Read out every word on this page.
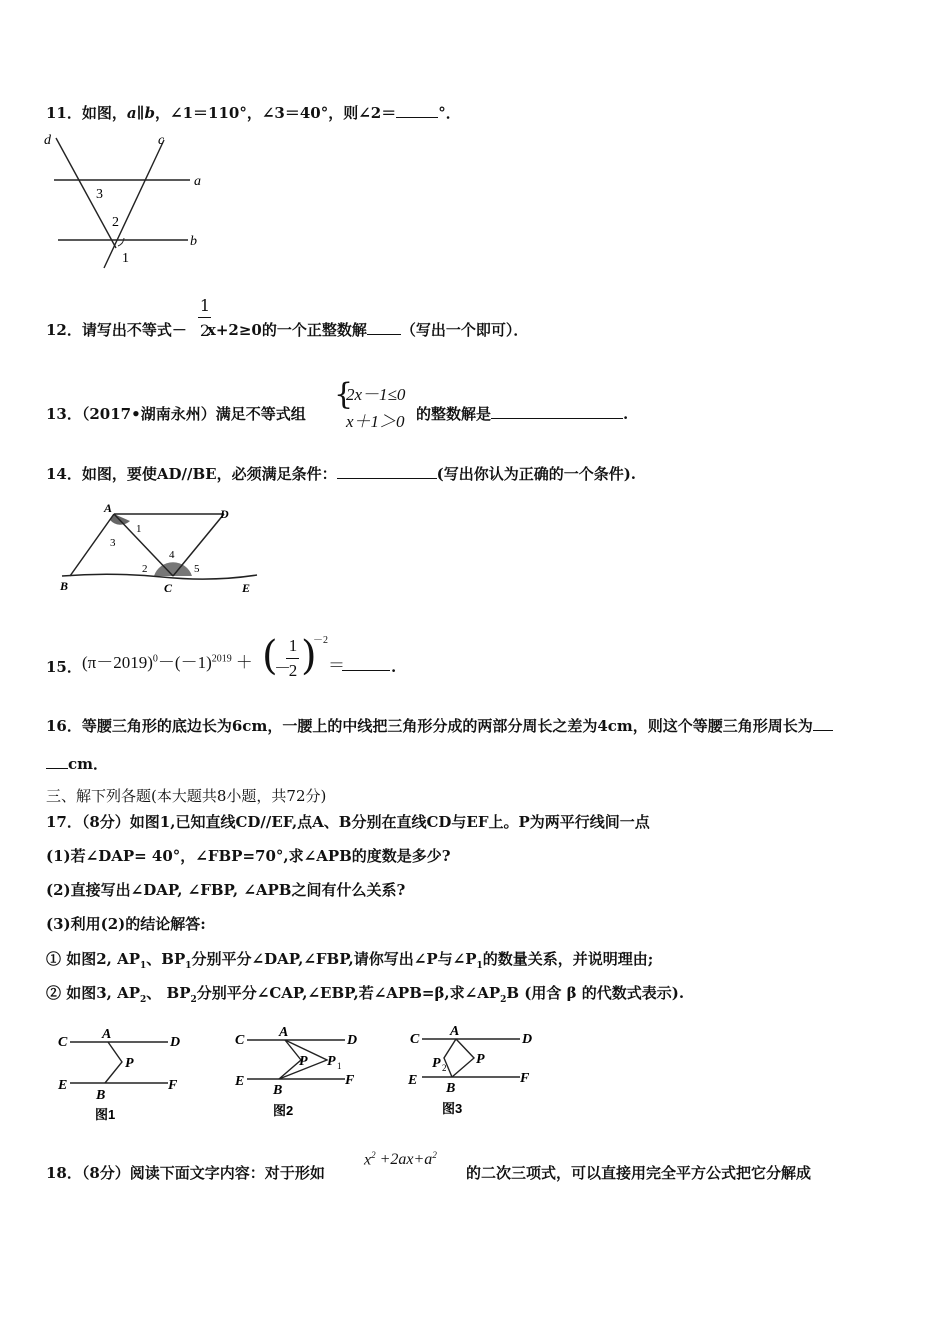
11．如图，a∥b，∠1＝110°，∠3＝40°，则∠2＝	°．
d	c
a
b
3
2
1
1
2
12．请写出不等式－ x+2≥0的一个正整数解 （写出一个即可）．
13．（2017•湖南永州）满足不等式组
{
2x－1≤0
x＋1＞0 的整数解是	.
14．如图，要使AD//BE，必须满足条件：	(写出你认为正确的一个条件).
A	D
B	C	E
1
3
2
4
5
15． $(\pi-2019)^0-(-1)^{2019}$ ＋ (
－
1
2 )
－2
＝	.
16．等腰三角形的底边长为6cm，一腰上的中线把三角形分成的两部分周长之差为4cm，则这个等腰三角形周长为
cm．
三、解下列各题(本大题共8小题，共72分)
17．（8分）如图1,已知直线CD//EF,点A、B分别在直线CD与EF上。P为两平行线间一点
(1)若∠DAP= 40°，∠FBP=70°,求∠APB的度数是多少?
(2)直接写出∠DAP, ∠FBP, ∠APB之间有什么关系?
(3)利用(2)的结论解答:
① 如图2, $AP_1$、$BP_1$分别平分∠DAP,∠FBP,请你写出∠P与$\angle P_1$的数量关系，并说明理由;
② 如图3, $AP_2$、 $BP_2$分别平分∠CAP,∠EBP,若∠APB=β,求$\angle AP_2B$ (用含 β 的代数式表示).
C
A
D
P
E
B
F
图1
C
A
D
P P 1
E
B
F
图2
C
A
D
P
P 2
E
B
F
图3
18．（8分）阅读下面文字内容：对于形如
$x^2 +2ax+a^2$
的二次三项式，可以直接用完全平方公式把它分解成
